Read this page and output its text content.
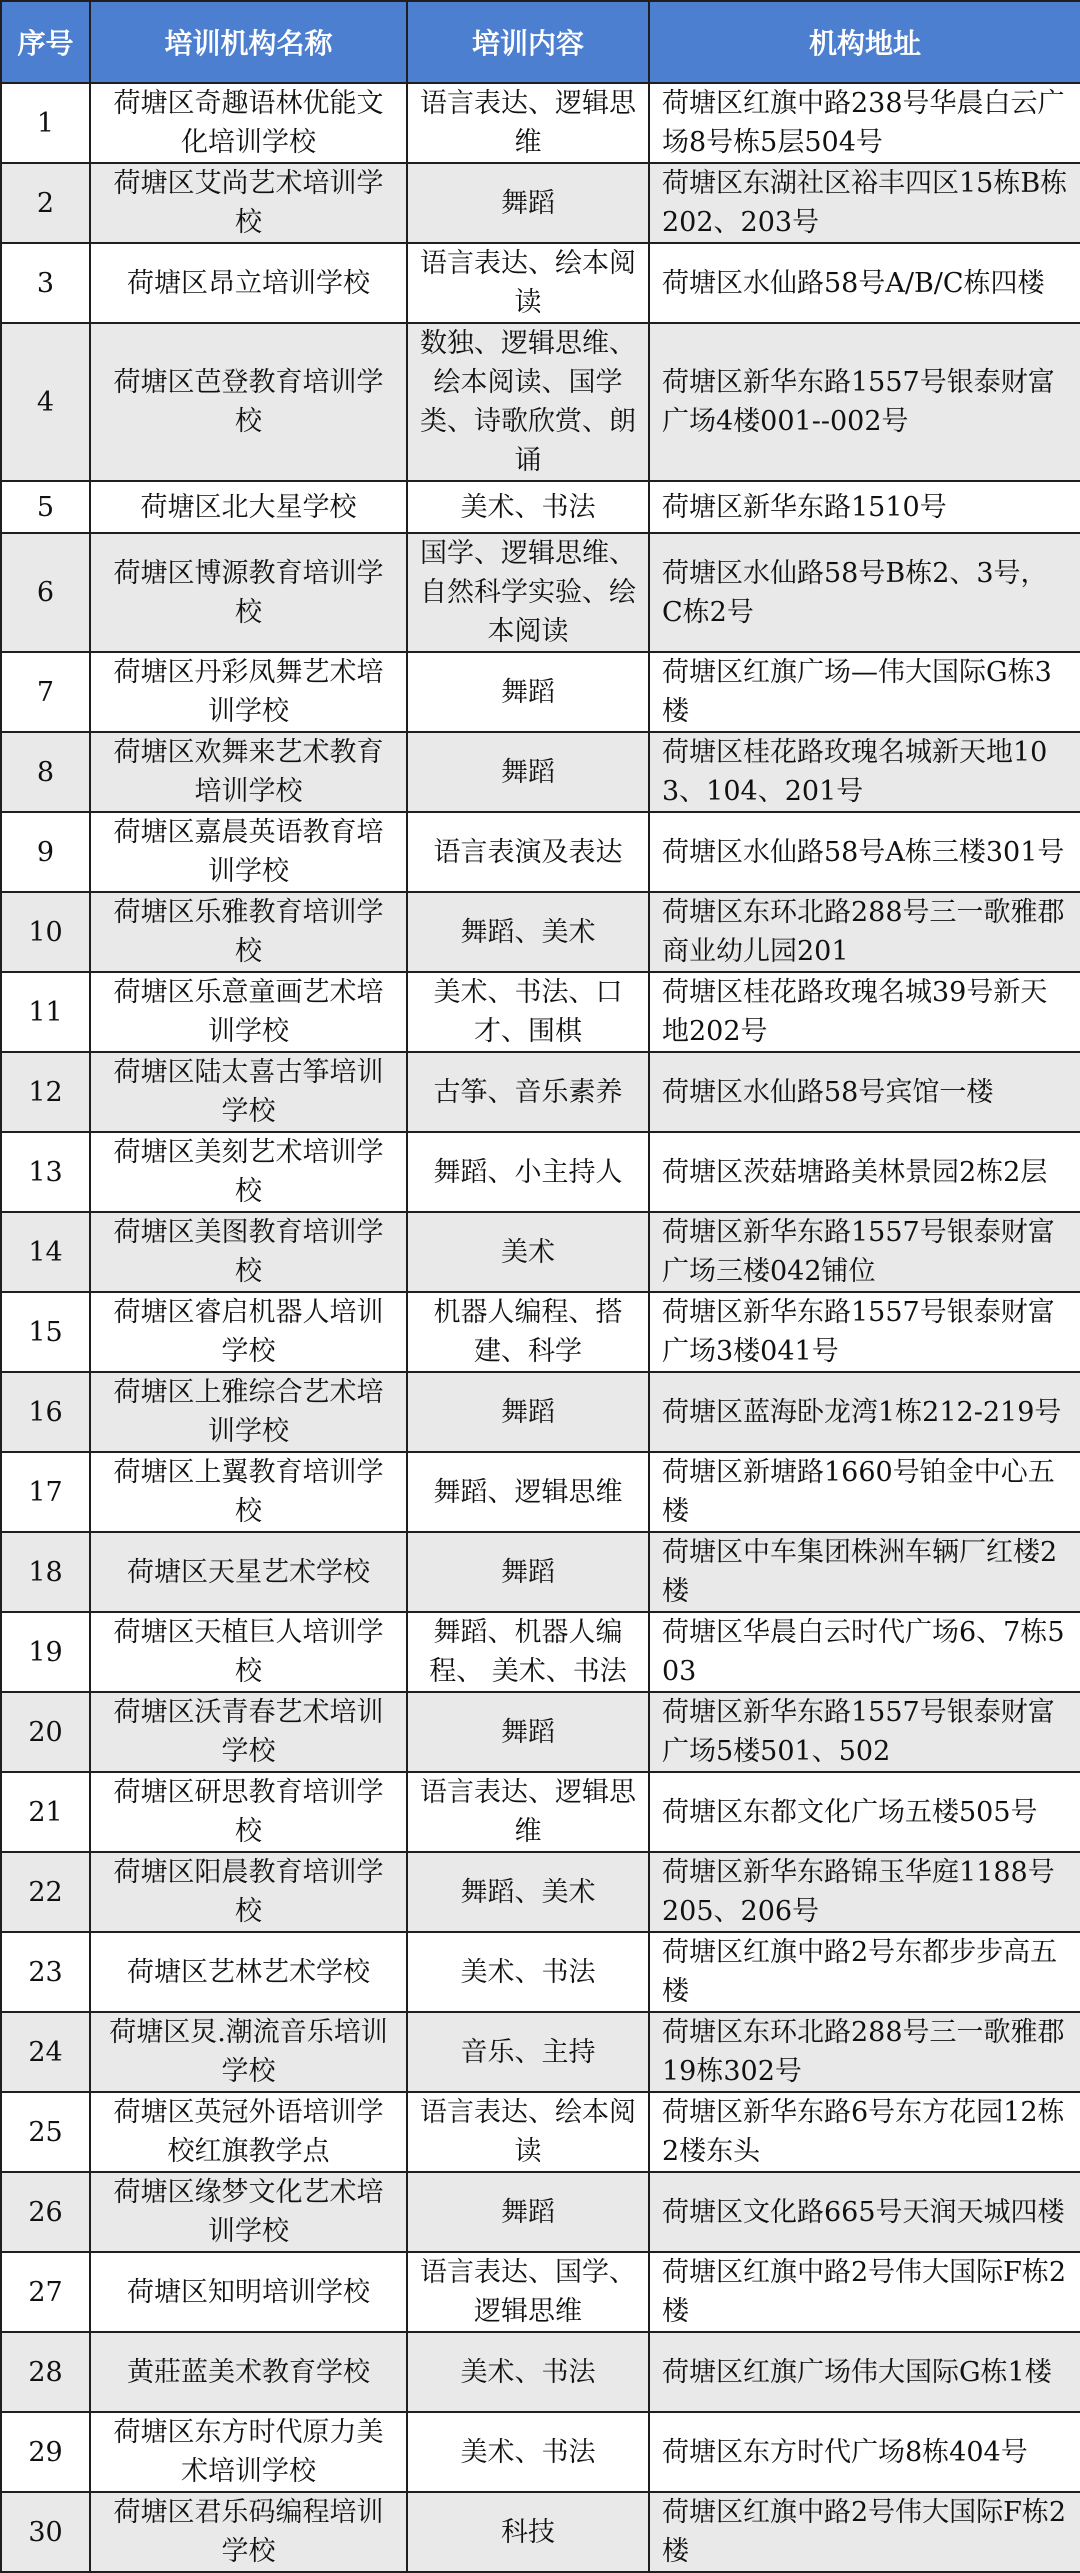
序号	培训机构名称	培训内容	机构地址
1	荷塘区奇趣语林优能文化培训学校	语言表达、逻辑思维	荷塘区红旗中路238号华晨白云广场8号栋5层504号
2	荷塘区艾尚艺术培训学校	舞蹈	荷塘区东湖社区裕丰四区15栋B栋202、203号
3	荷塘区昂立培训学校	语言表达、绘本阅读	荷塘区水仙路58号A/B/C栋四楼
4	荷塘区芭登教育培训学校	数独、逻辑思维、绘本阅读、国学类、诗歌欣赏、朗诵	荷塘区新华东路1557号银泰财富广场4楼001--002号
5	荷塘区北大星学校	美术、书法	荷塘区新华东路1510号
6	荷塘区博源教育培训学校	国学、逻辑思维、自然科学实验、绘本阅读	荷塘区水仙路58号B栋2、3号，C栋2号
7	荷塘区丹彩凤舞艺术培训学校	舞蹈	荷塘区红旗广场—伟大国际G栋3楼
8	荷塘区欢舞来艺术教育培训学校	舞蹈	荷塘区桂花路玫瑰名城新天地103、104、201号
9	荷塘区嘉晨英语教育培训学校	语言表演及表达	荷塘区水仙路58号A栋三楼301号
10	荷塘区乐雅教育培训学校	舞蹈、美术	荷塘区东环北路288号三一歌雅郡商业幼儿园201
11	荷塘区乐意童画艺术培训学校	美术、书法、口才、围棋	荷塘区桂花路玫瑰名城39号新天地202号
12	荷塘区陆太喜古筝培训学校	古筝、音乐素养	荷塘区水仙路58号宾馆一楼
13	荷塘区美刻艺术培训学校	舞蹈、小主持人	荷塘区茨菇塘路美林景园2栋2层
14	荷塘区美图教育培训学校	美术	荷塘区新华东路1557号银泰财富广场三楼042铺位
15	荷塘区睿启机器人培训学校	机器人编程、搭建、科学	荷塘区新华东路1557号银泰财富广场3楼041号
16	荷塘区上雅综合艺术培训学校	舞蹈	荷塘区蓝海卧龙湾1栋212-219号
17	荷塘区上翼教育培训学校	舞蹈、逻辑思维	荷塘区新塘路1660号铂金中心五楼
18	荷塘区天星艺术学校	舞蹈	荷塘区中车集团株洲车辆厂红楼2楼
19	荷塘区天植巨人培训学校	舞蹈、机器人编程、 美术、书法	荷塘区华晨白云时代广场6、7栋503
20	荷塘区沃青春艺术培训学校	舞蹈	荷塘区新华东路1557号银泰财富广场5楼501、502
21	荷塘区研思教育培训学校	语言表达、逻辑思维	荷塘区东都文化广场五楼505号
22	荷塘区阳晨教育培训学校	舞蹈、美术	荷塘区新华东路锦玉华庭1188号205、206号
23	荷塘区艺林艺术学校	美术、书法	荷塘区红旗中路2号东都步步高五楼
24	荷塘区炅.潮流音乐培训学校	音乐、主持	荷塘区东环北路288号三一歌雅郡19栋302号
25	荷塘区英冠外语培训学校红旗教学点	语言表达、绘本阅读	荷塘区新华东路6号东方花园12栋2楼东头
26	荷塘区缘梦文化艺术培训学校	舞蹈	荷塘区文化路665号天润天城四楼
27	荷塘区知明培训学校	语言表达、国学、逻辑思维	荷塘区红旗中路2号伟大国际F栋2楼
28	黄莊蓝美术教育学校	美术、书法	荷塘区红旗广场伟大国际G栋1楼
29	荷塘区东方时代原力美术培训学校	美术、书法	荷塘区东方时代广场8栋404号
30	荷塘区君乐码编程培训学校	科技	荷塘区红旗中路2号伟大国际F栋2楼
